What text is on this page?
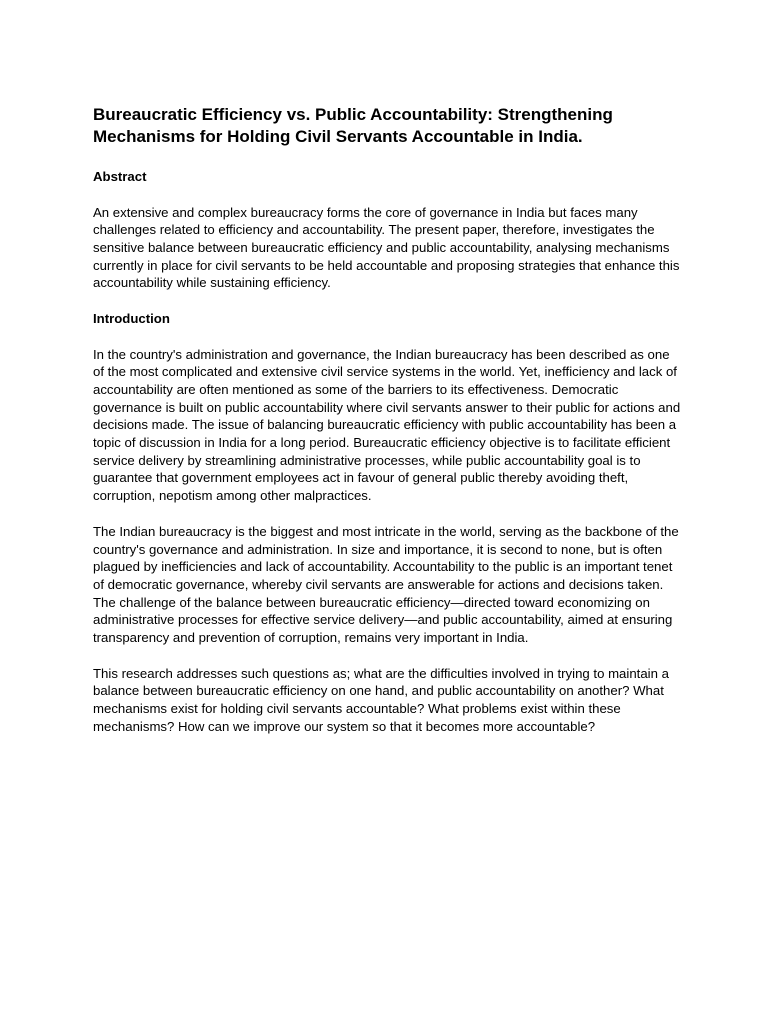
Bureaucratic Efficiency vs. Public Accountability: Strengthening Mechanisms for Holding Civil Servants Accountable in India.
Abstract

An extensive and complex bureaucracy forms the core of governance in India but faces many challenges related to efficiency and accountability. The present paper, therefore, investigates the sensitive balance between bureaucratic efficiency and public accountability, analysing mechanisms currently in place for civil servants to be held accountable and proposing strategies that enhance this accountability while sustaining efficiency.

Introduction

In the country's administration and governance, the Indian bureaucracy has been described as one of the most complicated and extensive civil service systems in the world. Yet, inefficiency and lack of accountability are often mentioned as some of the barriers to its effectiveness. Democratic governance is built on public accountability where civil servants answer to their public for actions and decisions made. The issue of balancing bureaucratic efficiency with public accountability has been a topic of discussion in India for a long period. Bureaucratic efficiency objective is to facilitate efficient service delivery by streamlining administrative processes, while public accountability goal is to guarantee that government employees act in favour of general public thereby avoiding theft, corruption, nepotism among other malpractices.

The Indian bureaucracy is the biggest and most intricate in the world, serving as the backbone of the country's governance and administration. In size and importance, it is second to none, but is often plagued by inefficiencies and lack of accountability. Accountability to the public is an important tenet of democratic governance, whereby civil servants are answerable for actions and decisions taken. The challenge of the balance between bureaucratic efficiency—directed toward economizing on administrative processes for effective service delivery—and public accountability, aimed at ensuring transparency and prevention of corruption, remains very important in India.

This research addresses such questions as; what are the difficulties involved in trying to maintain a balance between bureaucratic efficiency on one hand, and public accountability on another? What mechanisms exist for holding civil servants accountable? What problems exist within these mechanisms? How can we improve our system so that it becomes more accountable?
